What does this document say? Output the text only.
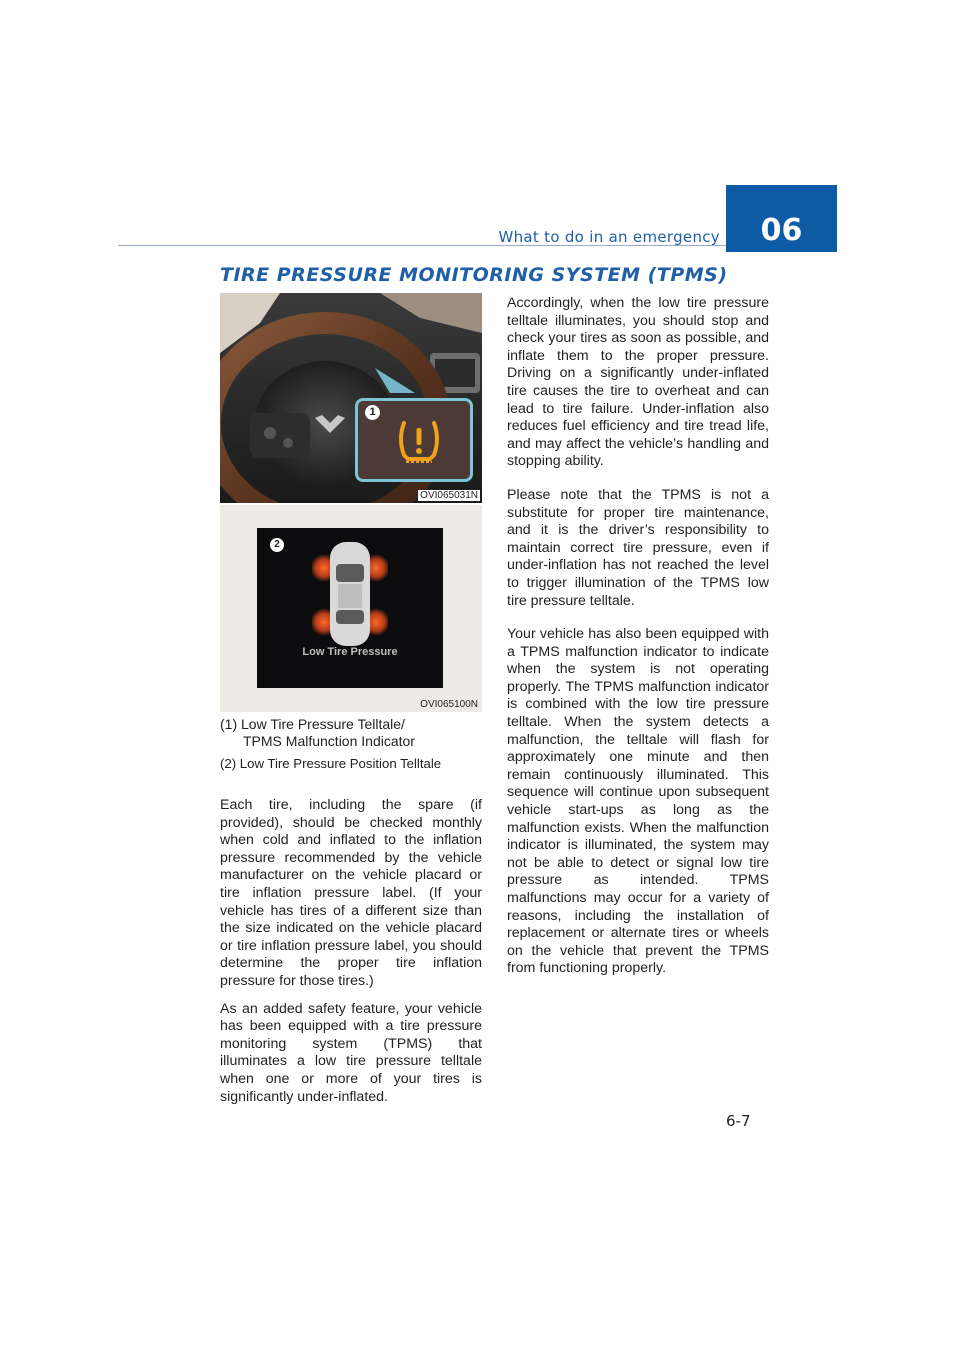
What to do in an emergency	06
TIRE PRESSURE MONITORING SYSTEM (TPMS)
1
OVI065031N
2
Low Tire Pressure
OVI065100N
(1) Low Tire Pressure Telltale/
TPMS Malfunction Indicator
(2) Low Tire Pressure Position Telltale

Each tire, including the spare (if provided), should be checked monthly when cold and inflated to the inflation pressure recommended by the vehicle manufacturer on the vehicle placard or tire inflation pressure label. (If your vehicle has tires of a different size than the size indicated on the vehicle placard or tire inflation pressure label, you should determine the proper tire inflation pressure for those tires.)

As an added safety feature, your vehicle has been equipped with a tire pressure monitoring system (TPMS) that illuminates a low tire pressure telltale when one or more of your tires is significantly under-inflated.

Accordingly, when the low tire pressure telltale illuminates, you should stop and check your tires as soon as possible, and inflate them to the proper pressure. Driving on a significantly under-inflated tire causes the tire to overheat and can lead to tire failure. Under-inflation also reduces fuel efficiency and tire tread life, and may affect the vehicle’s handling and stopping ability.

Please note that the TPMS is not a substitute for proper tire maintenance, and it is the driver’s responsibility to maintain correct tire pressure, even if under-inflation has not reached the level to trigger illumination of the TPMS low tire pressure telltale.

Your vehicle has also been equipped with a TPMS malfunction indicator to indicate when the system is not operating properly. The TPMS malfunction indicator is combined with the low tire pressure telltale. When the system detects a malfunction, the telltale will flash for approximately one minute and then remain continuously illuminated. This sequence will continue upon subsequent vehicle start-ups as long as the malfunction exists. When the malfunction indicator is illuminated, the system may not be able to detect or signal low tire pressure as intended. TPMS malfunctions may occur for a variety of reasons, including the installation of replacement or alternate tires or wheels on the vehicle that prevent the TPMS from functioning properly.

6-7
